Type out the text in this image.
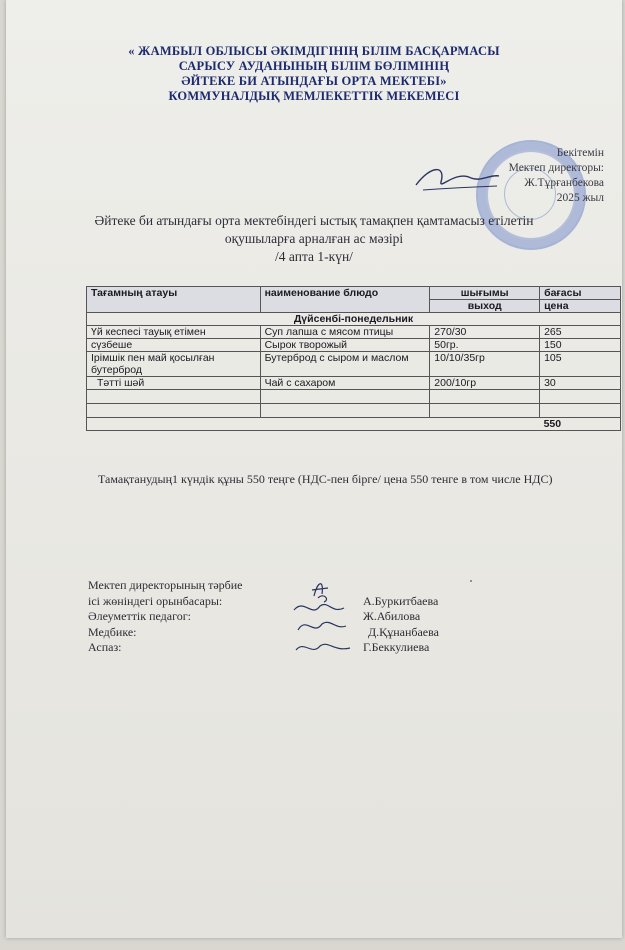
« ЖАМБЫЛ ОБЛЫСЫ ӘКІМДІГІНІҢ БІЛІМ БАСҚАРМАСЫ
САРЫСУ АУДАНЫНЫҢ БІЛІМ БӨЛІМІНІҢ
ӘЙТЕКЕ БИ АТЫНДАҒЫ ОРТА МЕКТЕБІ»
КОММУНАЛДЫҚ МЕМЛЕКЕТТІК МЕКЕМЕСІ
Бекітемін
Мектеп директоры:
Ж.Тұрғанбекова
2025 жыл
Әйтеке би атындағы орта мектебіндегі ыстық тамақпен қамтамасыз етілетін
оқушыларға арналған ас мәзірі
/4 апта 1-күн/
Тағамның атауы	наименование блюдо	шығымы	бағасы
		выход	цена
Дүйсенбі-понедельник			
Үй кеспесі тауық етімен	Суп лапша с мясом птицы	270/30	265
сүзбеше	Сырок творожый	50гр.	150
Ірімшік пен май қосылған бутерброд	Бутерброд с сыром и маслом	10/10/35гр	105
Тәтті шәй	Чай с сахаром	200/10гр	30

			550
Тамақтанудың1 күндік құны 550 теңге (НДС-пен бірге/ цена 550 тенге в том числе НДС)
Мектеп директорының тәрбие
ісі жөніндегі орынбасары:	А.Буркитбаева
Әлеуметтік педагог:	Ж.Абилова
Медбике:	Д.Құнанбаева
Аспаз:	Г.Беккулиева
